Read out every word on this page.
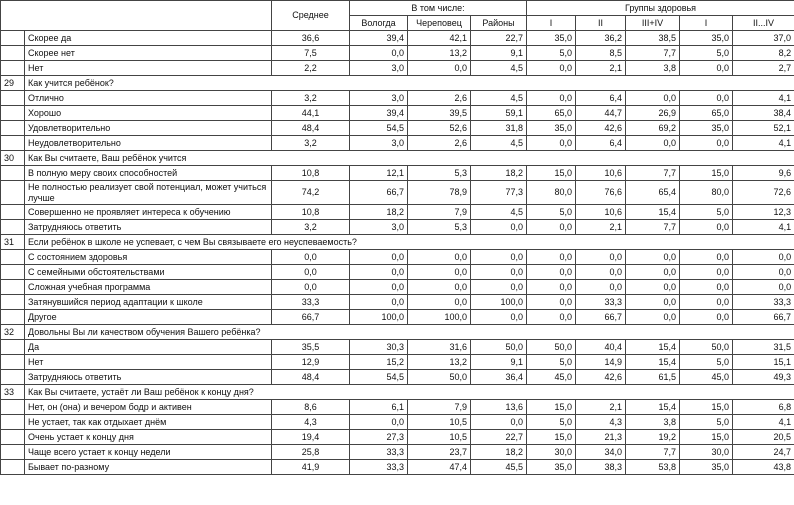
		Среднее	В том числе:			Группы здоровья				
			Вологда	Череповец	Районы	I	II	III+IV	I	II...IV
	Скорее да	36,6	39,4	42,1	22,7	35,0	36,2	38,5	35,0	37,0
	Скорее нет	7,5	0,0	13,2	9,1	5,0	8,5	7,7	5,0	8,2
	Нет	2,2	3,0	0,0	4,5	0,0	2,1	3,8	0,0	2,7
29	Как учится ребёнок?									
	Отлично	3,2	3,0	2,6	4,5	0,0	6,4	0,0	0,0	4,1
	Хорошо	44,1	39,4	39,5	59,1	65,0	44,7	26,9	65,0	38,4
	Удовлетворительно	48,4	54,5	52,6	31,8	35,0	42,6	69,2	35,0	52,1
	Неудовлетворительно	3,2	3,0	2,6	4,5	0,0	6,4	0,0	0,0	4,1
30	Как Вы считаете, Ваш ребёнок учится									
	В полную меру своих способностей	10,8	12,1	5,3	18,2	15,0	10,6	7,7	15,0	9,6
	Не полностью реализует свой потенциал, может учиться лучше	74,2	66,7	78,9	77,3	80,0	76,6	65,4	80,0	72,6
	Совершенно не проявляет интереса к обучению	10,8	18,2	7,9	4,5	5,0	10,6	15,4	5,0	12,3
	Затрудняюсь ответить	3,2	3,0	5,3	0,0	0,0	2,1	7,7	0,0	4,1
31	Если ребёнок в школе не успевает, с чем Вы связываете его неуспеваемость?									
	С состоянием здоровья	0,0	0,0	0,0	0,0	0,0	0,0	0,0	0,0	0,0
	С семейными обстоятельствами	0,0	0,0	0,0	0,0	0,0	0,0	0,0	0,0	0,0
	Сложная учебная программа	0,0	0,0	0,0	0,0	0,0	0,0	0,0	0,0	0,0
	Затянувшийся период адаптации к школе	33,3	0,0	0,0	100,0	0,0	33,3	0,0	0,0	33,3
	Другое	66,7	100,0	100,0	0,0	0,0	66,7	0,0	0,0	66,7
32	Довольны Вы ли качеством обучения Вашего ребёнка?									
	Да	35,5	30,3	31,6	50,0	50,0	40,4	15,4	50,0	31,5
	Нет	12,9	15,2	13,2	9,1	5,0	14,9	15,4	5,0	15,1
	Затрудняюсь ответить	48,4	54,5	50,0	36,4	45,0	42,6	61,5	45,0	49,3
33	Как Вы считаете, устаёт ли Ваш ребёнок к концу дня?									
	Нет, он (она) и вечером бодр и активен	8,6	6,1	7,9	13,6	15,0	2,1	15,4	15,0	6,8
	Не устает, так как отдыхает днём	4,3	0,0	10,5	0,0	5,0	4,3	3,8	5,0	4,1
	Очень устает к концу дня	19,4	27,3	10,5	22,7	15,0	21,3	19,2	15,0	20,5
	Чаще всего устает к концу недели	25,8	33,3	23,7	18,2	30,0	34,0	7,7	30,0	24,7
	Бывает по-разному	41,9	33,3	47,4	45,5	35,0	38,3	53,8	35,0	43,8
